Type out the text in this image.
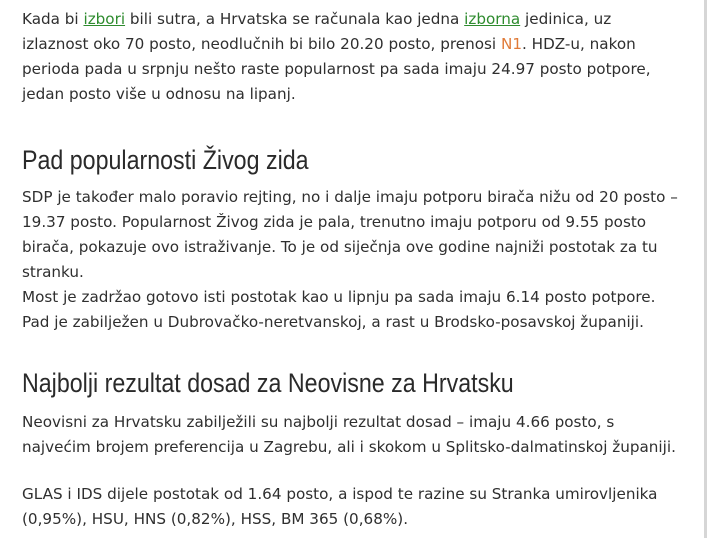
Kada bi izbori bili sutra, a Hrvatska se računala kao jedna izborna jedinica, uz izlaznost oko 70 posto, neodlučnih bi bilo 20.20 posto, prenosi N1. HDZ-u, nakon perioda pada u srpnju nešto raste popularnost pa sada imaju 24.97 posto potpore, jedan posto više u odnosu na lipanj.

Pad popularnosti Živog zida

SDP je također malo poravio rejting, no i dalje imaju potporu birača nižu od 20 posto – 19.37 posto. Popularnost Živog zida je pala, trenutno imaju potporu od 9.55 posto birača, pokazuje ovo istraživanje. To je od siječnja ove godine najniži postotak za tu stranku.

Most je zadržao gotovo isti postotak kao u lipnju pa sada imaju 6.14 posto potpore. Pad je zabilježen u Dubrovačko-neretvanskoj, a rast u Brodsko-posavskoj županiji.

Najbolji rezultat dosad za Neovisne za Hrvatsku

Neovisni za Hrvatsku zabilježili su najbolji rezultat dosad – imaju 4.66 posto, s najvećim brojem preferencija u Zagrebu, ali i skokom u Splitsko-dalmatinskoj županiji.

GLAS i IDS dijele postotak od 1.64 posto, a ispod te razine su Stranka umirovljenika (0,95%), HSU, HNS (0,82%), HSS, BM 365 (0,68%).
